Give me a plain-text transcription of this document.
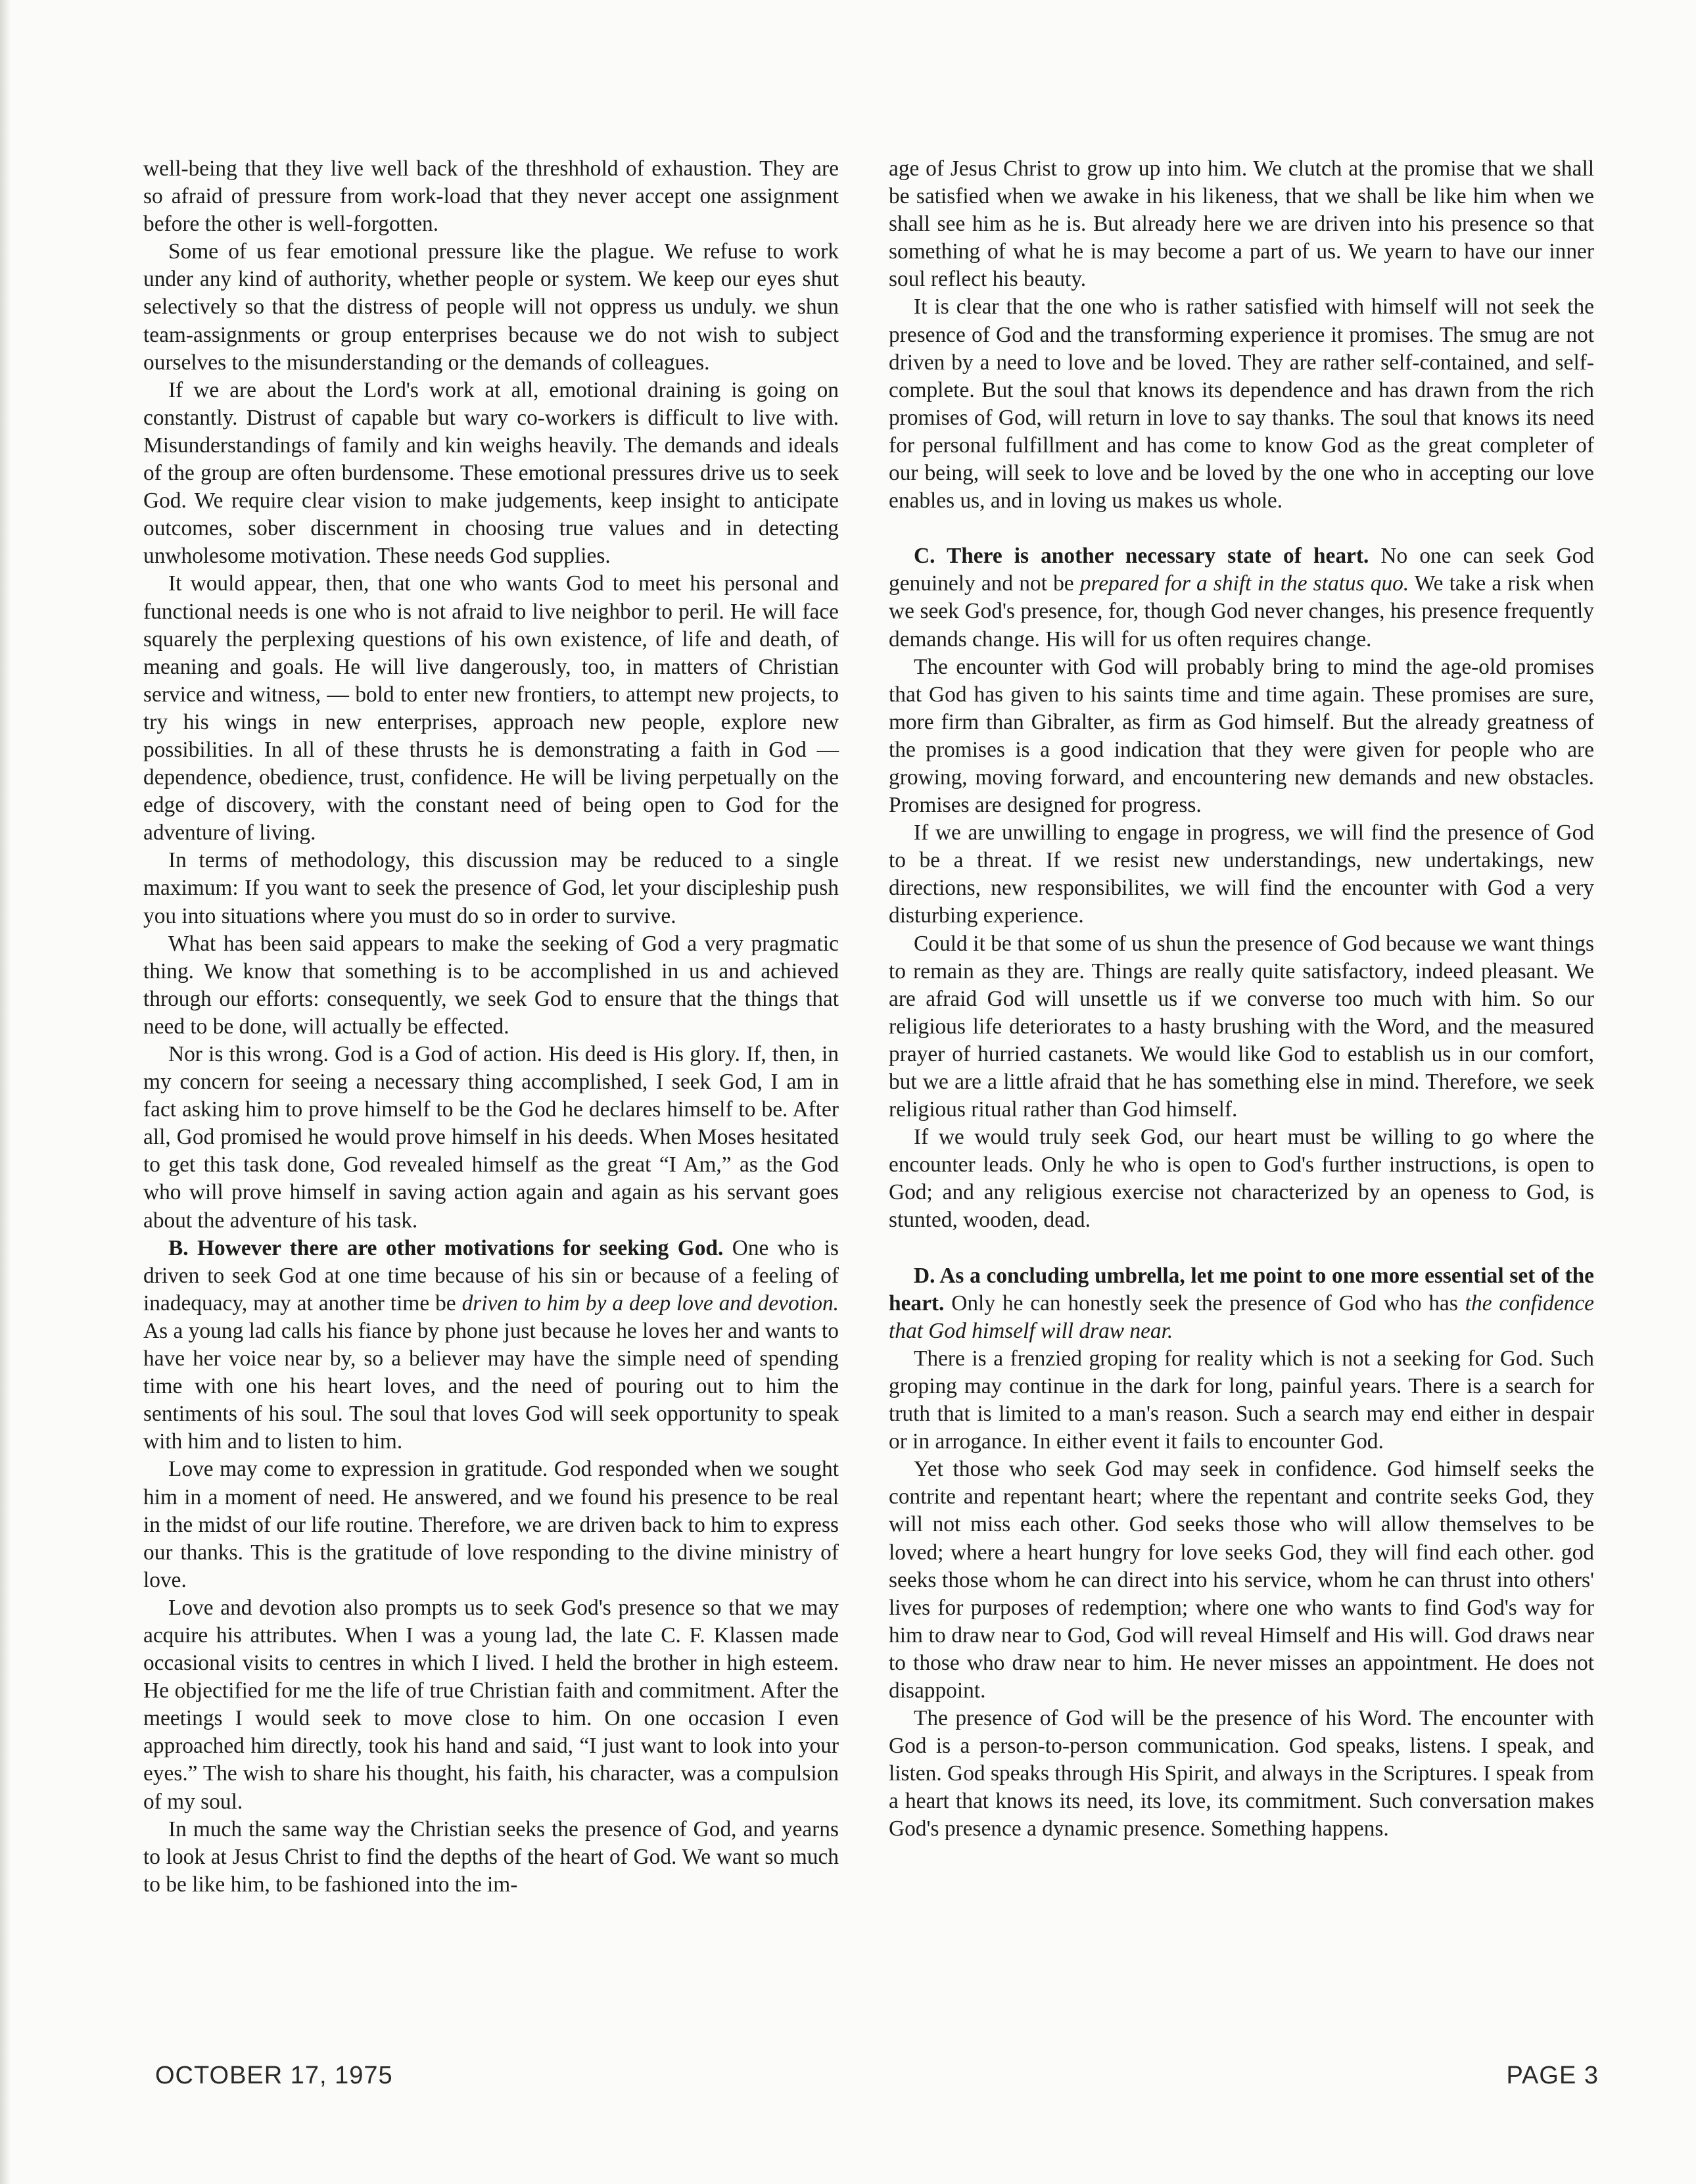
well-being that they live well back of the threshhold of exhaustion. They are so afraid of pressure from work-load that they never accept one assignment before the other is well-forgotten.

Some of us fear emotional pressure like the plague. We refuse to work under any kind of authority, whether people or system. We keep our eyes shut selectively so that the distress of people will not oppress us unduly. we shun team-assignments or group enterprises because we do not wish to subject ourselves to the misunderstanding or the demands of colleagues.

If we are about the Lord's work at all, emotional draining is going on constantly. Distrust of capable but wary co-workers is difficult to live with. Misunderstandings of family and kin weighs heavily. The demands and ideals of the group are often burdensome. These emotional pressures drive us to seek God. We require clear vision to make judgements, keep insight to anticipate outcomes, sober discernment in choosing true values and in detecting unwholesome motivation. These needs God supplies.

It would appear, then, that one who wants God to meet his personal and functional needs is one who is not afraid to live neighbor to peril. He will face squarely the perplexing questions of his own existence, of life and death, of meaning and goals. He will live dangerously, too, in matters of Christian service and witness, — bold to enter new frontiers, to attempt new projects, to try his wings in new enterprises, approach new people, explore new possibilities. In all of these thrusts he is demonstrating a faith in God — dependence, obedience, trust, confidence. He will be living perpetually on the edge of discovery, with the constant need of being open to God for the adventure of living.

In terms of methodology, this discussion may be reduced to a single maximum: If you want to seek the presence of God, let your discipleship push you into situations where you must do so in order to survive.

What has been said appears to make the seeking of God a very pragmatic thing. We know that something is to be accomplished in us and achieved through our efforts: consequently, we seek God to ensure that the things that need to be done, will actually be effected.

Nor is this wrong. God is a God of action. His deed is His glory. If, then, in my concern for seeing a necessary thing accomplished, I seek God, I am in fact asking him to prove himself to be the God he declares himself to be. After all, God promised he would prove himself in his deeds. When Moses hesitated to get this task done, God revealed himself as the great “I Am,” as the God who will prove himself in saving action again and again as his servant goes about the adventure of his task.

B. However there are other motivations for seeking God. One who is driven to seek God at one time because of his sin or because of a feeling of inadequacy, may at another time be driven to him by a deep love and devotion. As a young lad calls his fiance by phone just because he loves her and wants to have her voice near by, so a believer may have the simple need of spending time with one his heart loves, and the need of pouring out to him the sentiments of his soul. The soul that loves God will seek opportunity to speak with him and to listen to him.

Love may come to expression in gratitude. God responded when we sought him in a moment of need. He answered, and we found his presence to be real in the midst of our life routine. Therefore, we are driven back to him to express our thanks. This is the gratitude of love responding to the divine ministry of love.

Love and devotion also prompts us to seek God's presence so that we may acquire his attributes. When I was a young lad, the late C. F. Klassen made occasional visits to centres in which I lived. I held the brother in high esteem. He objectified for me the life of true Christian faith and commitment. After the meetings I would seek to move close to him. On one occasion I even approached him directly, took his hand and said, “I just want to look into your eyes.” The wish to share his thought, his faith, his character, was a compulsion of my soul.

In much the same way the Christian seeks the presence of God, and yearns to look at Jesus Christ to find the depths of the heart of God. We want so much to be like him, to be fashioned into the im-

age of Jesus Christ to grow up into him. We clutch at the promise that we shall be satisfied when we awake in his likeness, that we shall be like him when we shall see him as he is. But already here we are driven into his presence so that something of what he is may become a part of us. We yearn to have our inner soul reflect his beauty.

It is clear that the one who is rather satisfied with himself will not seek the presence of God and the transforming experience it promises. The smug are not driven by a need to love and be loved. They are rather self-contained, and self-complete. But the soul that knows its dependence and has drawn from the rich promises of God, will return in love to say thanks. The soul that knows its need for personal fulfillment and has come to know God as the great completer of our being, will seek to love and be loved by the one who in accepting our love enables us, and in loving us makes us whole.

C. There is another necessary state of heart. No one can seek God genuinely and not be prepared for a shift in the status quo. We take a risk when we seek God's presence, for, though God never changes, his presence frequently demands change. His will for us often requires change.

The encounter with God will probably bring to mind the age-old promises that God has given to his saints time and time again. These promises are sure, more firm than Gibralter, as firm as God himself. But the already greatness of the promises is a good indication that they were given for people who are growing, moving forward, and encountering new demands and new obstacles. Promises are designed for progress.

If we are unwilling to engage in progress, we will find the presence of God to be a threat. If we resist new understandings, new undertakings, new directions, new responsibilites, we will find the encounter with God a very disturbing experience.

Could it be that some of us shun the presence of God because we want things to remain as they are. Things are really quite satisfactory, indeed pleasant. We are afraid God will unsettle us if we converse too much with him. So our religious life deteriorates to a hasty brushing with the Word, and the measured prayer of hurried castanets. We would like God to establish us in our comfort, but we are a little afraid that he has something else in mind. Therefore, we seek religious ritual rather than God himself.

If we would truly seek God, our heart must be willing to go where the encounter leads. Only he who is open to God's further instructions, is open to God; and any religious exercise not characterized by an openess to God, is stunted, wooden, dead.

D. As a concluding umbrella, let me point to one more essential set of the heart. Only he can honestly seek the presence of God who has the confidence that God himself will draw near.

There is a frenzied groping for reality which is not a seeking for God. Such groping may continue in the dark for long, painful years. There is a search for truth that is limited to a man's reason. Such a search may end either in despair or in arrogance. In either event it fails to encounter God.

Yet those who seek God may seek in confidence. God himself seeks the contrite and repentant heart; where the repentant and contrite seeks God, they will not miss each other. God seeks those who will allow themselves to be loved; where a heart hungry for love seeks God, they will find each other. god seeks those whom he can direct into his service, whom he can thrust into others' lives for purposes of redemption; where one who wants to find God's way for him to draw near to God, God will reveal Himself and His will. God draws near to those who draw near to him. He never misses an appointment. He does not disappoint.

The presence of God will be the presence of his Word. The encounter with God is a person-to-person communication. God speaks, listens. I speak, and listen. God speaks through His Spirit, and always in the Scriptures. I speak from a heart that knows its need, its love, its commitment. Such conversation makes God's presence a dynamic presence. Something happens.

OCTOBER 17, 1975	PAGE 3
